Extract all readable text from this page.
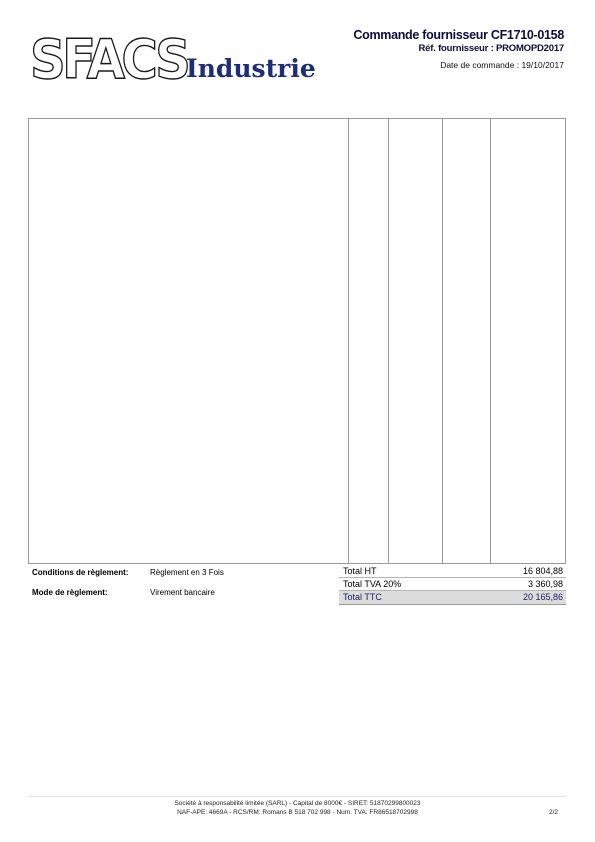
SFACS
Industrie
Commande fournisseur CF1710-0158
Réf. fournisseur : PROMOPD2017
Date de commande : 19/10/2017
Conditions de règlement:	Règlement en 3 Fois
Mode de règlement:	Virement bancaire
Total HT	16 804,88
Total TVA 20%	3 360,98
Total TTC	20 165,86
Société à responsabilité limitée (SARL) - Capital de 8000€ - SIRET: 51870299800023
NAF-APE: 4669A - RCS/RM: Romans B 518 702 998 - Num. TVA: FR86518702998	2/2
